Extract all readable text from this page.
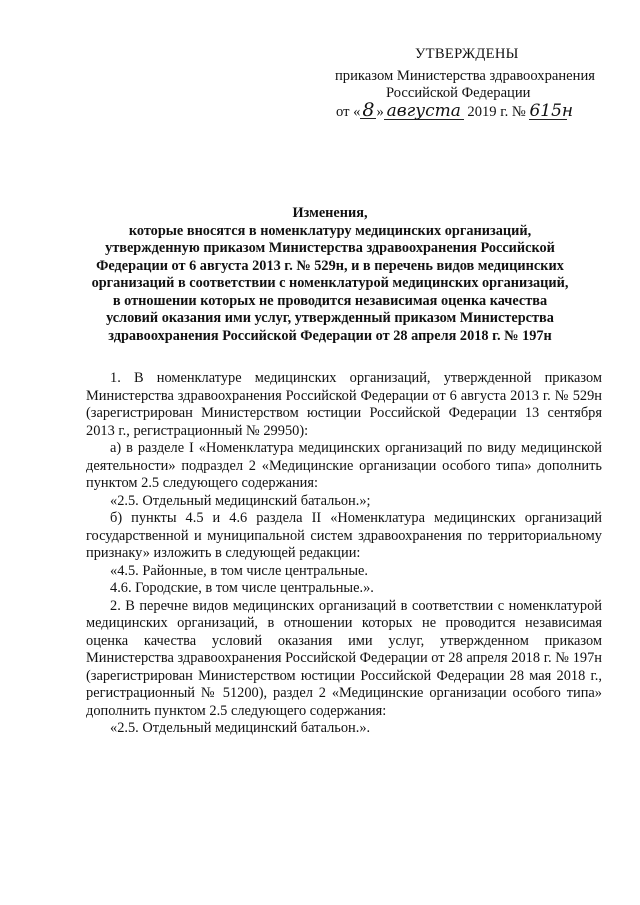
УТВЕРЖДЕНЫ
приказом Министерства здравоохранения
Российской Федерации
от « 8 » августа 2019 г. № 615н
Изменения,
которые вносятся в номенклатуру медицинских организаций,
утвержденную приказом Министерства здравоохранения Российской
Федерации от 6 августа 2013 г. № 529н, и в перечень видов медицинских
организаций в соответствии с номенклатурой медицинских организаций,
в отношении которых не проводится независимая оценка качества
условий оказания ими услуг, утвержденный приказом Министерства
здравоохранения Российской Федерации от 28 апреля 2018 г. № 197н

1. В номенклатуре медицинских организаций, утвержденной приказом Министерства здравоохранения Российской Федерации от 6 августа 2013 г. № 529н (зарегистрирован Министерством юстиции Российской Федерации 13 сентября 2013 г., регистрационный № 29950):

а) в разделе I «Номенклатура медицинских организаций по виду медицинской деятельности» подраздел 2 «Медицинские организации особого типа» дополнить пунктом 2.5 следующего содержания:

«2.5. Отдельный медицинский батальон.»;

б) пункты 4.5 и 4.6 раздела II «Номенклатура медицинских организаций государственной и муниципальной систем здравоохранения по территориальному признаку» изложить в следующей редакции:

«4.5. Районные, в том числе центральные.

4.6. Городские, в том числе центральные.».

2. В перечне видов медицинских организаций в соответствии с номенклатурой медицинских организаций, в отношении которых не проводится независимая оценка качества условий оказания ими услуг, утвержденном приказом Министерства здравоохранения Российской Федерации от 28 апреля 2018 г. № 197н (зарегистрирован Министерством юстиции Российской Федерации 28 мая 2018 г., регистрационный № 51200), раздел 2 «Медицинские организации особого типа» дополнить пунктом 2.5 следующего содержания:

«2.5. Отдельный медицинский батальон.».
